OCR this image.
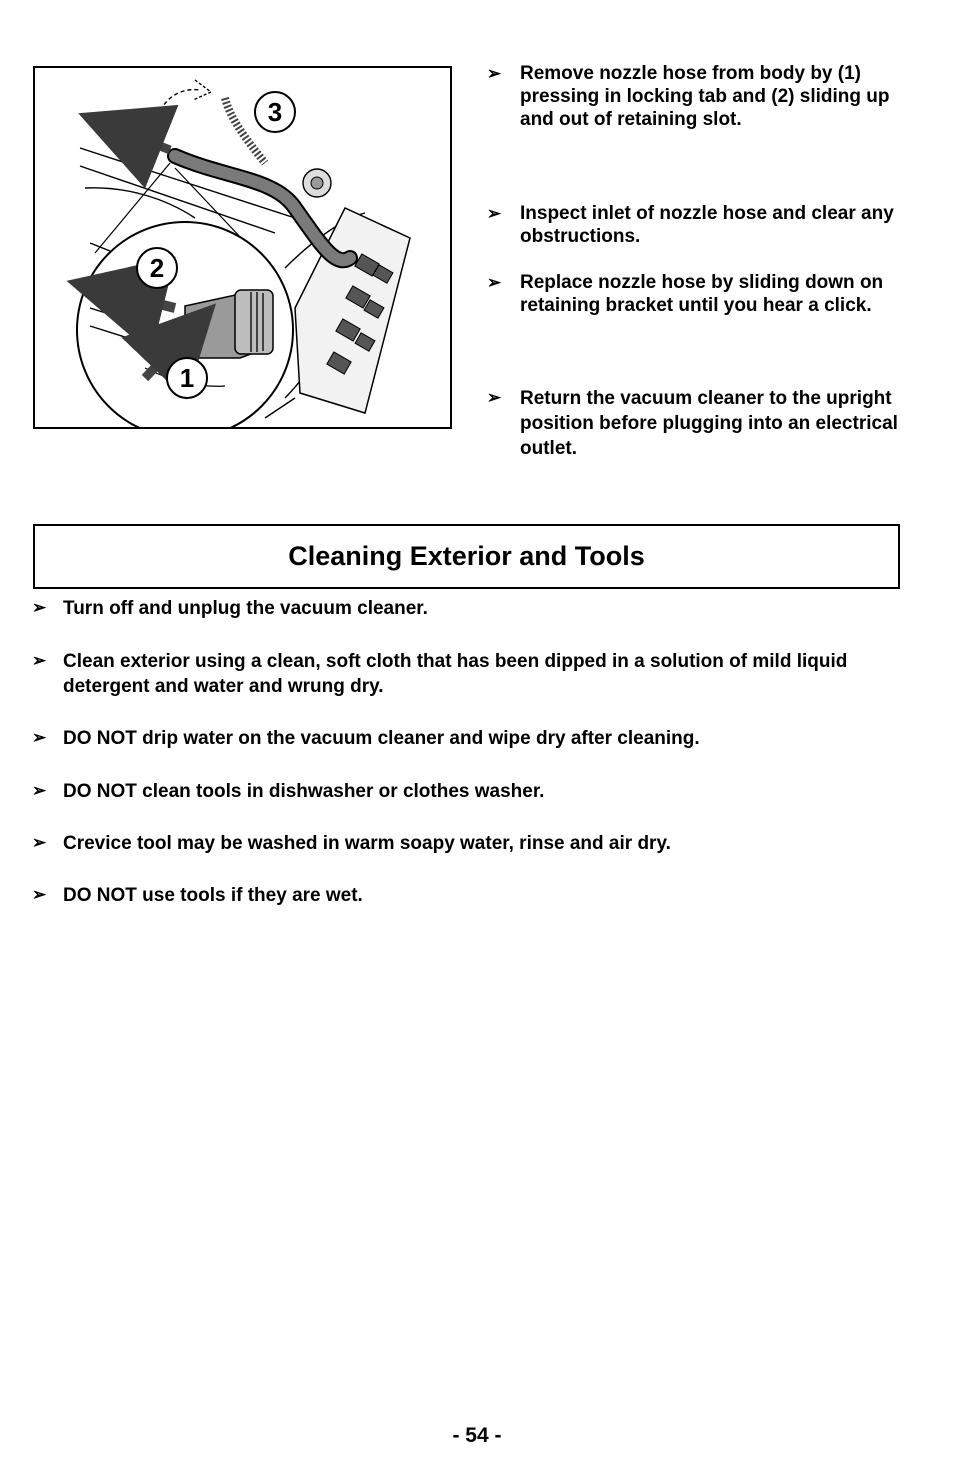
3
2
1
➢ Remove nozzle hose from body by (1) pressing in locking tab and (2) sliding up and out of retaining slot.
➢ Inspect inlet of nozzle hose and clear any obstructions.
➢ Replace nozzle hose by sliding down on retaining bracket until you hear a click.
➢ Return the vacuum cleaner to the upright position before plugging into an electrical outlet.
Cleaning Exterior and Tools
➢ Turn off and unplug the vacuum cleaner.
➢ Clean exterior using a clean, soft cloth that has been dipped in a solution of mild liquid detergent and water and wrung dry.
➢ DO NOT drip water on the vacuum cleaner and wipe dry after cleaning.
➢ DO NOT clean tools in dishwasher or clothes washer.
➢ Crevice tool may be washed in warm soapy water, rinse and air dry.
➢ DO NOT use tools if they are wet.
- 54 -
